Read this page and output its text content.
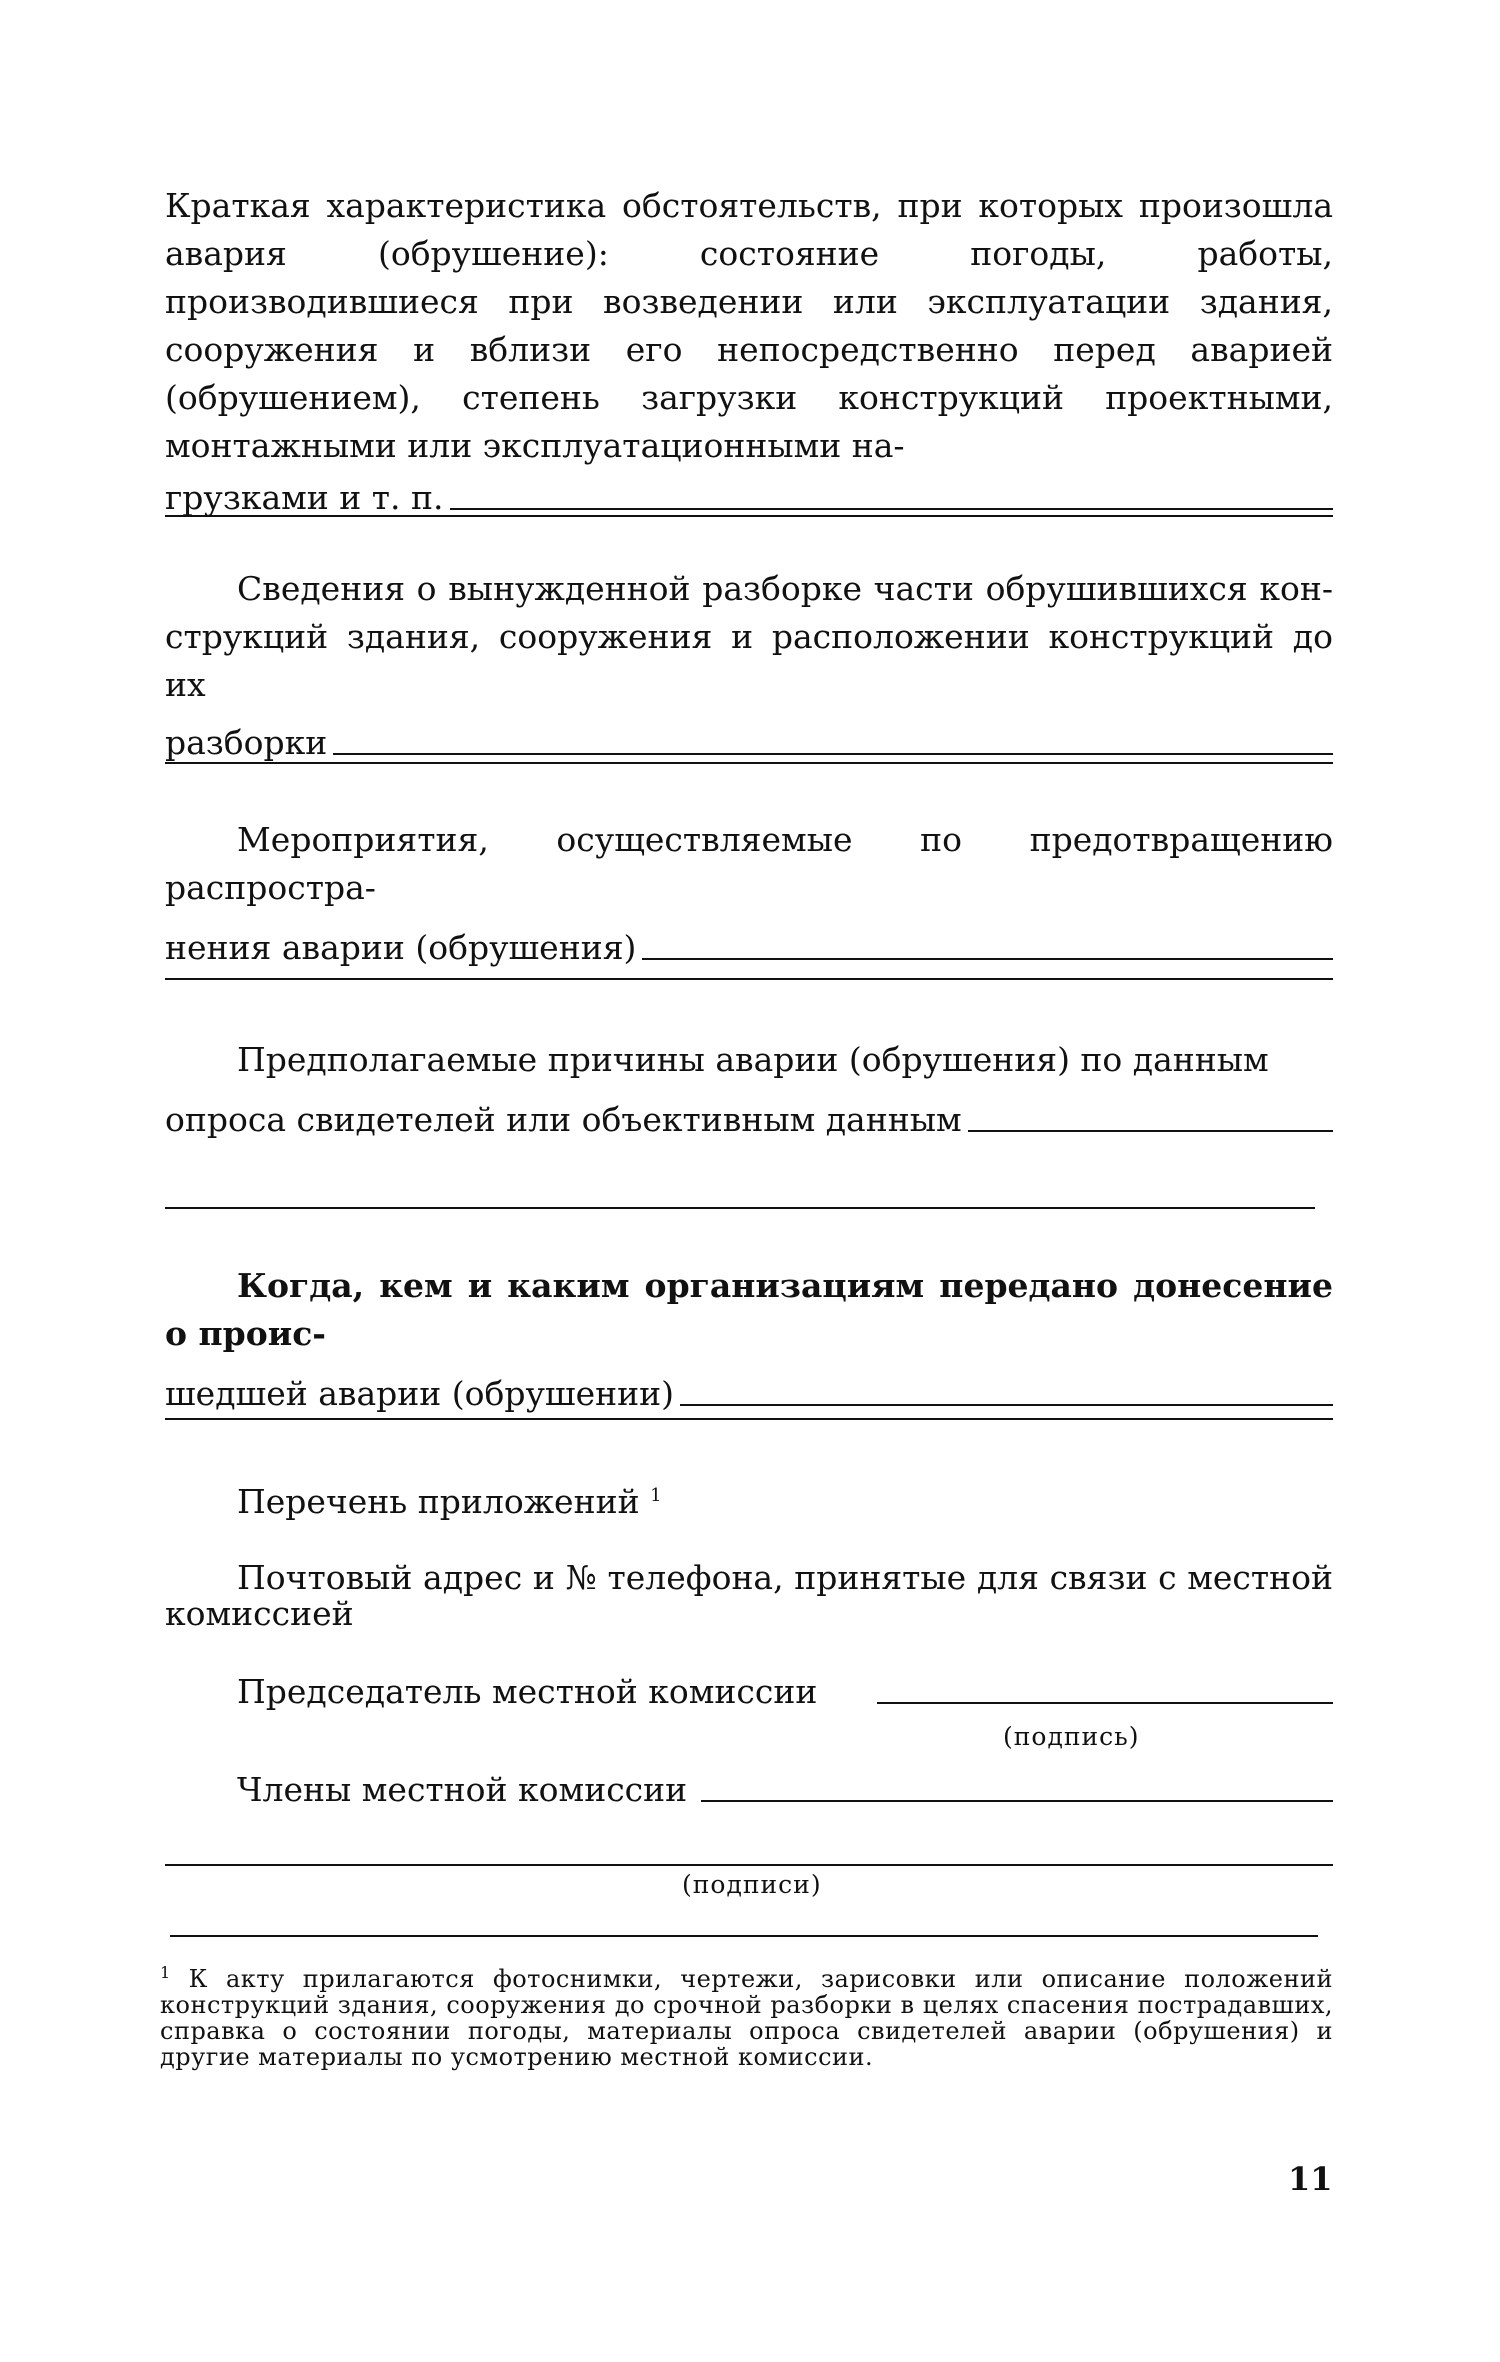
Краткая характеристика обстоятельств, при которых произошла авария (обрушение): состояние погоды, работы, производившиеся при возведении или эксплуатации здания, сооружения и вблизи его непосредственно перед аварией (обрушением), степень загрузки конструкций проектными, монтажными или эксплуатационными на-

грузками и т. п.

Сведения о вынужденной разборке части обрушившихся кон-струкций здания, сооружения и расположении конструкций до их

разборки

Мероприятия, осуществляемые по предотвращению распростра-

нения аварии (обрушения)

Предполагаемые причины аварии (обрушения) по данным

опроса свидетелей или объективным данным

Когда, кем и каким организациям передано донесение о проис-

шедшей аварии (обрушении)

Перечень приложений $^1$

Почтовый адрес и № телефона, принятые для связи с местной комиссией

Председатель местной комиссии
(подпись)
Члены местной комиссии
(подписи)

$^1$ К акту прилагаются фотоснимки, чертежи, зарисовки или описание положений конструкций здания, сооружения до срочной разборки в целях спасения пострадавших, справка о состоянии погоды, материалы опроса свидетелей аварии (обрушения) и другие материалы по усмотрению местной комиссии.

11
